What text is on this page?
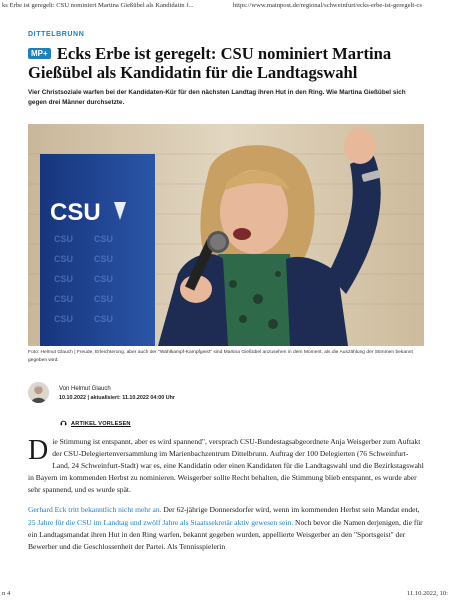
ks Erbe ist geregelt: CSU nominiert Martina Gießübel als Kandidatin f...	https://www.mainpost.de/regional/schweinfurt/ecks-erbe-ist-geregelt-cs
DITTELBRUNN
MP+ Ecks Erbe ist geregelt: CSU nominiert Martina Gießübel als Kandidatin für die Landtagswahl
Vier Christsoziale warfen bei der Kandidaten-Kür für den nächsten Landtag ihren Hut in den Ring. Wie Martina Gießübel sich gegen drei Männer durchsetzte.
CSU CSU
CSU CSU
CSU CSU
CSU CSU
CSU CSU
CSU
Foto: Helmut Glauch | Freude, Erleichterung, aber auch der "Wahlkampf-Kampfgeist" sind Martina Gießübel anzusehen in dem Moment, als die Auszählung der Stimmen bekannt gegeben wird.
Von Helmut Glauch
10.10.2022 | aktualisiert: 11.10.2022 04:00 Uhr
ARTIKEL VORLESEN

Die Stimmung ist entspannt, aber es wird spannend", versprach CSU-Bundestagsabgeordnete Anja Weisgerber zum Auftakt der CSU-Delegiertenversammlung im Marienbachzentrum Dittelbrunn. Auftrag der 100 Delegierten (76 Schweinfurt-Land, 24 Schweinfurt-Stadt) war es, eine Kandidatin oder einen Kandidaten für die Landtagswahl und die Bezirkstagswahl in Bayern im kommenden Herbst zu nominieren. Weisgerber sollte Recht behalten, die Stimmung blieb entspannt, es wurde aber sehr spannend, und es wurde spät.

Gerhard Eck tritt bekanntlich nicht mehr an. Der 62-jährige Donnersdorfer wird, wenn im kommenden Herbst sein Mandat endet, 25 Jahre für die CSU im Landtag und zwölf Jahre als Staatssekretär aktiv gewesen sein. Noch bevor die Namen derjenigen, die für ein Landtagsmandat ihren Hut in den Ring warfen, bekannt gegeben wurden, appellierte Weisgerber an den "Sportsgeist" der Bewerber und die Geschlossenheit der Partei. Als Tennisspielerin

n 4	11.10.2022, 10:
